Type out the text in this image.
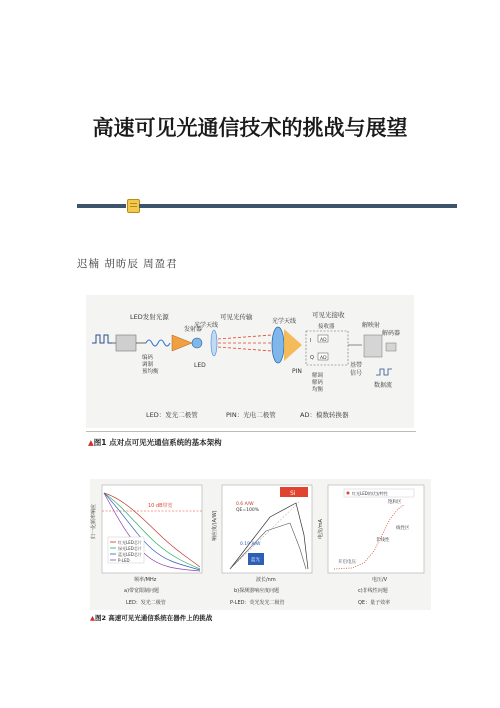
高速可见光通信技术的挑战与展望
迟楠 胡昉辰 周盈君
LED发射光源
编码
调制
预均衡
发射器
LED
光学天线
可见光传输
光学天线
PIN
可见光接收
接收器
AD
AD
I
Q
解调
解码
均衡
解映射
解码器
基带
信号
数据流
LED：发光二极管	PIN：光电二极管	AD：模数转换器
▲图1 点对点可见光通信系统的基本架构
归一化频率响应	10 dB带宽
红光LED芯片
绿光LED芯片
蓝光LED芯片
P-LED
频率/MHz
a)带宽限制问题
LED：发光二极管
响应度/(A/W)
Si
0.6 A/W
QE=100%
0.19 A/W
蓝光
波长/nm
b)探测器响应度问题
P-LED：荧光发光二极管
电流/mA
红光LED的伏安特性
饱和区
线性区
非线性
开启电压
电压/V
c)非线性问题
QE：量子效率
▲图2 高速可见光通信系统在器件上的挑战
